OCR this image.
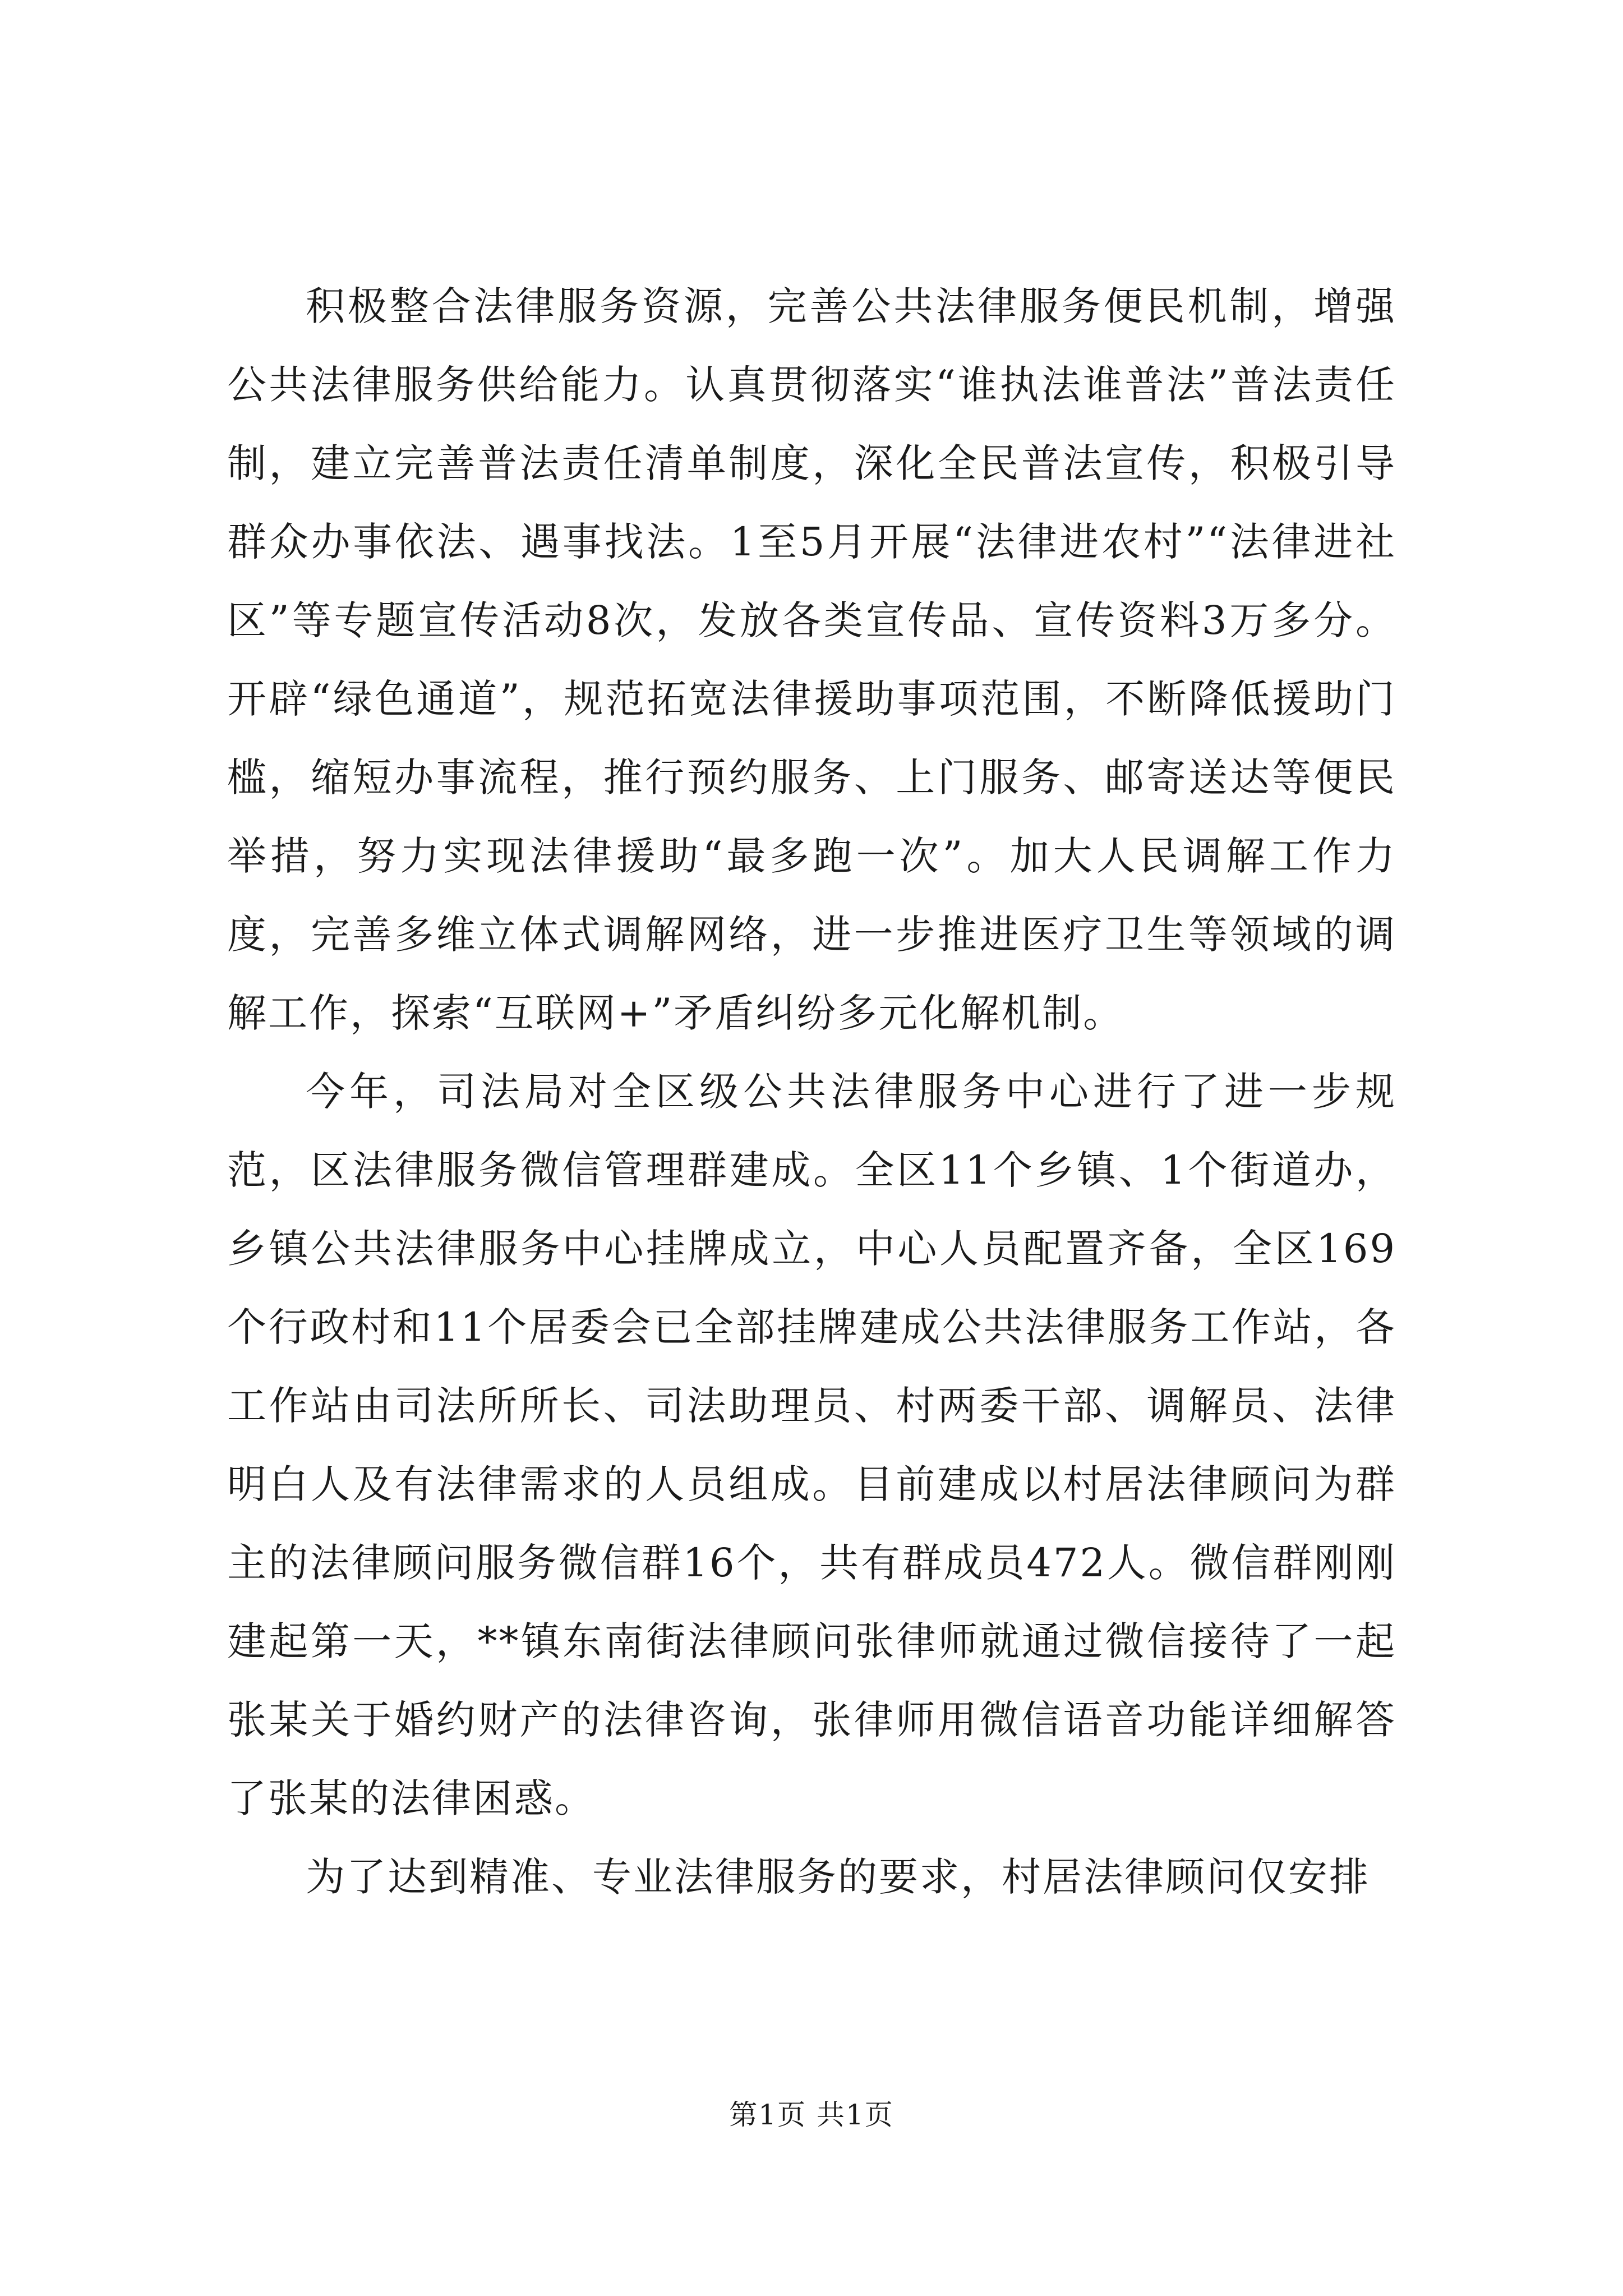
积极整合法律服务资源，完善公共法律服务便民机制，增强公共法律服务供给能力。认真贯彻落实“谁执法谁普法”普法责任制，建立完善普法责任清单制度，深化全民普法宣传，积极引导群众办事依法、遇事找法。1至5月开展“法律进农村”“法律进社区”等专题宣传活动8次，发放各类宣传品、宣传资料3万多分。开辟“绿色通道”，规范拓宽法律援助事项范围，不断降低援助门槛，缩短办事流程，推行预约服务、上门服务、邮寄送达等便民举措，努力实现法律援助“最多跑一次”。加大人民调解工作力度，完善多维立体式调解网络，进一步推进医疗卫生等领域的调解工作，探索“互联网+”矛盾纠纷多元化解机制。

今年，司法局对全区级公共法律服务中心进行了进一步规范，区法律服务微信管理群建成。全区11个乡镇、1个街道办，乡镇公共法律服务中心挂牌成立，中心人员配置齐备，全区169个行政村和11个居委会已全部挂牌建成公共法律服务工作站，各工作站由司法所所长、司法助理员、村两委干部、调解员、法律明白人及有法律需求的人员组成。目前建成以村居法律顾问为群主的法律顾问服务微信群16个，共有群成员472人。微信群刚刚建起第一天，**镇东南街法律顾问张律师就通过微信接待了一起张某关于婚约财产的法律咨询，张律师用微信语音功能详细解答了张某的法律困惑。

为了达到精准、专业法律服务的要求，村居法律顾问仅安排

第1页 共1页
